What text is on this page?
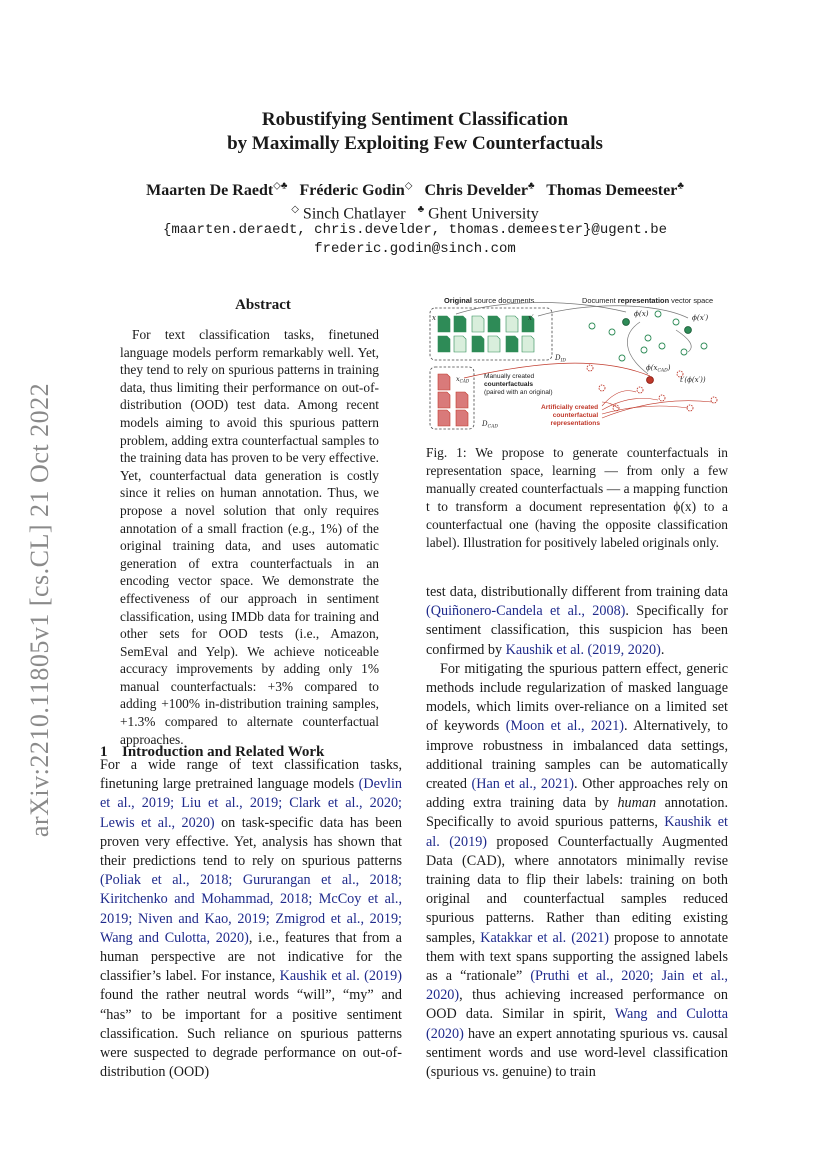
arXiv:2210.11805v1 [cs.CL] 21 Oct 2022
Robustifying Sentiment Classification
by Maximally Exploiting Few Counterfactuals
Maarten De Raedt◇♣ Fréderic Godin◇ Chris Develder♣ Thomas Demeester♣
◇ Sinch Chatlayer ♣ Ghent University
{maarten.deraedt, chris.develder, thomas.demeester}@ugent.be
frederic.godin@sinch.com
Abstract
For text classification tasks, finetuned language models perform remarkably well. Yet, they tend to rely on spurious patterns in training data, thus limiting their performance on out-of-distribution (OOD) test data. Among recent models aiming to avoid this spurious pattern problem, adding extra counterfactual samples to the training data has proven to be very effective. Yet, counterfactual data generation is costly since it relies on human annotation. Thus, we propose a novel solution that only requires annotation of a small fraction (e.g., 1%) of the original training data, and uses automatic generation of extra counterfactuals in an encoding vector space. We demonstrate the effectiveness of our approach in sentiment classification, using IMDb data for training and other sets for OOD tests (i.e., Amazon, SemEval and Yelp). We achieve noticeable accuracy improvements by adding only 1% manual counterfactuals: +3% compared to adding +100% in-distribution training samples, +1.3% compared to alternate counterfactual approaches.
1 Introduction and Related Work

For a wide range of text classification tasks, finetuning large pretrained language models (Devlin et al., 2019; Liu et al., 2019; Clark et al., 2020; Lewis et al., 2020) on task-specific data has been proven very effective. Yet, analysis has shown that their predictions tend to rely on spurious patterns (Poliak et al., 2018; Gururangan et al., 2018; Kiritchenko and Mohammad, 2018; McCoy et al., 2019; Niven and Kao, 2019; Zmigrod et al., 2019; Wang and Culotta, 2020), i.e., features that from a human perspective are not indicative for the classifier’s label. For instance, Kaushik et al. (2019) found the rather neutral words “will”, “my” and “has” to be important for a positive sentiment classification. Such reliance on spurious patterns were suspected to degrade performance on out-of-distribution (OOD)

test data, distributionally different from training data (Quiñonero-Candela et al., 2008). Specifically for sentiment classification, this suspicion has been confirmed by Kaushik et al. (2019, 2020).

For mitigating the spurious pattern effect, generic methods include regularization of masked language models, which limits over-reliance on a limited set of keywords (Moon et al., 2021). Alternatively, to improve robustness in imbalanced data settings, additional training samples can be automatically created (Han et al., 2021). Other approaches rely on adding extra training data by human annotation. Specifically to avoid spurious patterns, Kaushik et al. (2019) proposed Counterfactually Augmented Data (CAD), where annotators minimally revise training data to flip their labels: training on both original and counterfactual samples reduced spurious patterns. Rather than editing existing samples, Katakkar et al. (2021) propose to annotate them with text spans supporting the assigned labels as a “rationale” (Pruthi et al., 2020; Jain et al., 2020), thus achieving increased performance on OOD data. Similar in spirit, Wang and Culotta (2020) have an expert annotating spurious vs. causal sentiment words and use word-level classification (spurious vs. genuine) to train

Original source documents	Document representation vector space
x	x′
$D_{ID}$
$x_{CAD}$
$D_{CAD}$
Manually created counterfactuals (paired with an original)
Artificially created counterfactual representations
ϕ(x)	ϕ(x′)
$\phi(x_{CAD})$
t′(ϕ(x′))
Fig. 1: We propose to generate counterfactuals in representation space, learning — from only a few manually created counterfactuals — a mapping function t to transform a document representation ϕ(x) to a counterfactual one (having the opposite classification label). Illustration for positively labeled originals only.
